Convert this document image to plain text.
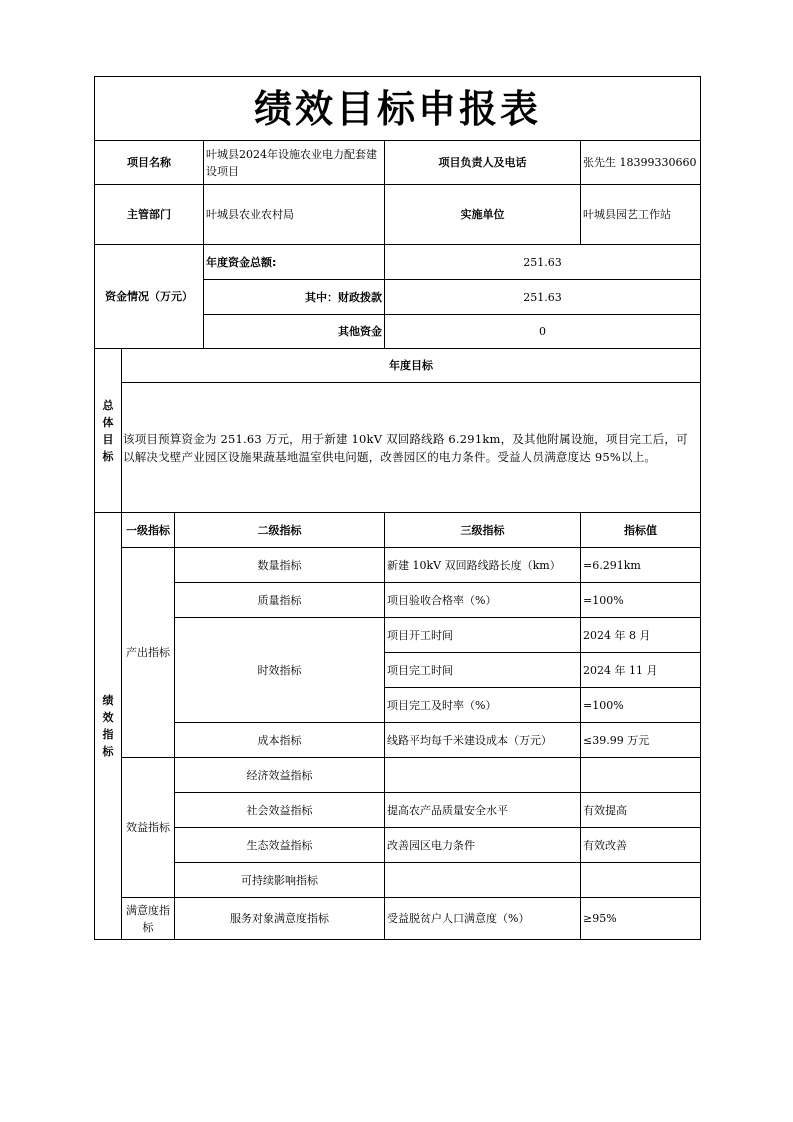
绩效目标申报表					
项目名称			叶城县2024年设施农业电力配套建设项目	项目负责人及电话	张先生 18399330660
主管部门			叶城县农业农村局	实施单位	叶城县园艺工作站
资金情况（万元）			年度资金总额:	251.63	
			其中：财政拨款	251.63	
			其他资金	0	
总体目标	年度目标				
	该项目预算资金为 251.63 万元，用于新建 10kV 双回路线路 6.291km，及其他附属设施，项目完工后，可以解决戈壁产业园区设施果蔬基地温室供电问题，改善园区的电力条件。受益人员满意度达 95%以上。				
绩效指标	一级指标	二级指标		三级指标	指标值
	产出指标	数量指标		新建 10kV 双回路线路长度（km）	=6.291km
		质量指标		项目验收合格率（%）	=100%
		时效指标		项目开工时间	2024 年 8 月
				项目完工时间	2024 年 11 月
				项目完工及时率（%）	=100%
		成本指标		线路平均每千米建设成本（万元）	≤39.99 万元
	效益指标	经济效益指标			
		社会效益指标		提高农产品质量安全水平	有效提高
		生态效益指标		改善园区电力条件	有效改善
		可持续影响指标			
	满意度指标	服务对象满意度指标		受益脱贫户人口满意度（%）	≥95%
